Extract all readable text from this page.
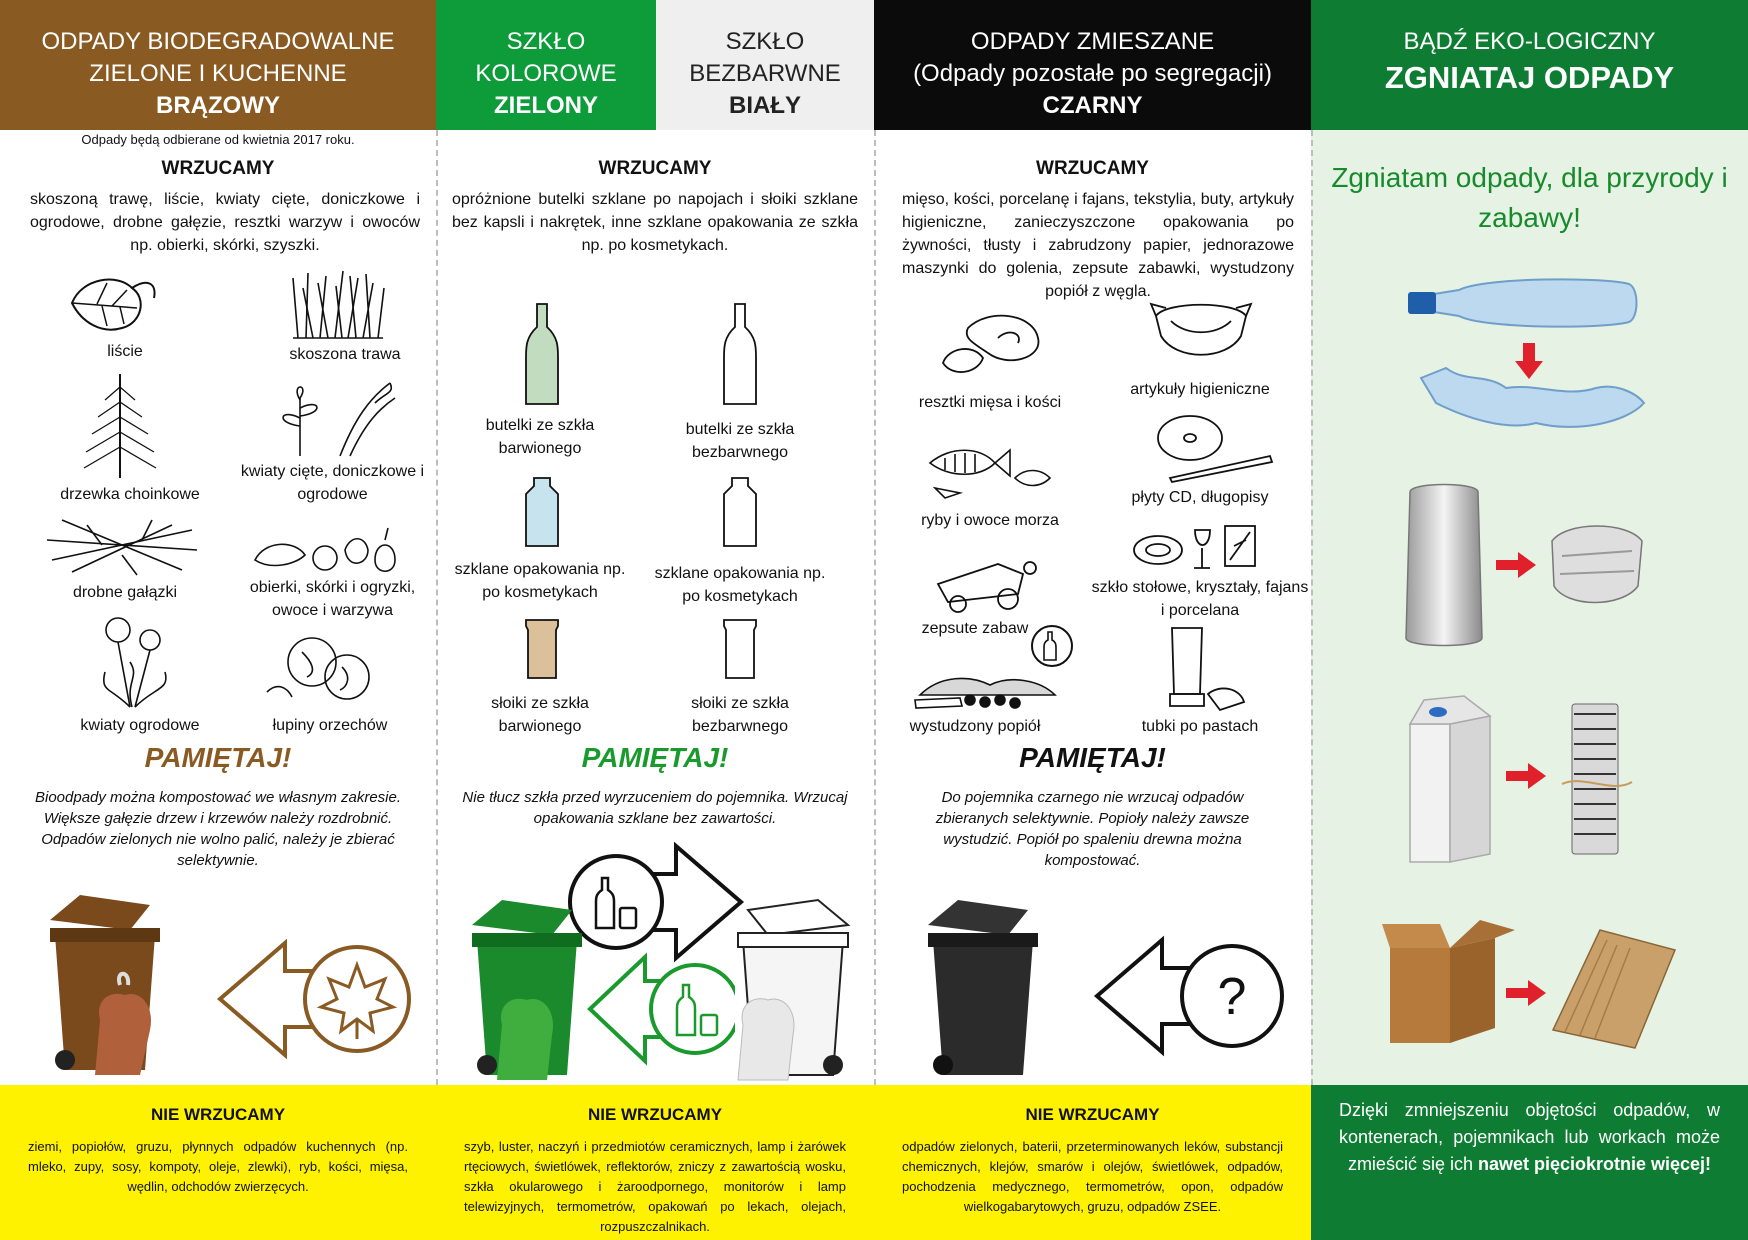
ODPADY BIODEGRADOWALNE
ZIELONE I KUCHENNE
BRĄZOWY
SZKŁO
KOLOROWE
ZIELONY
SZKŁO
BEZBARWNE
BIAŁY
ODPADY ZMIESZANE
(Odpady pozostałe po segregacji)
CZARNY
BĄDŹ EKO-LOGICZNY
ZGNIATAJ ODPADY
Odpady będą odbierane od kwietnia 2017 roku.
WRZUCAMY
skoszoną trawę, liście, kwiaty cięte, doniczkowe i ogrodowe, drobne gałęzie, resztki warzyw i owoców np. obierki, skórki, szyszki.
liście	skoszona trawa
drzewka choinkowe
kwiaty cięte, doniczkowe i ogrodowe
drobne gałązki	obierki, skórki i ogryzki, owoce i warzywa
kwiaty ogrodowe	łupiny orzechów
PAMIĘTAJ!
Bioodpady można kompostować we własnym zakresie. Większe gałęzie drzew i krzewów należy rozdrobnić. Odpadów zielonych nie wolno palić, należy je zbierać selektywnie.
WRZUCAMY
opróżnione butelki szklane po napojach i słoiki szklane bez kapsli i nakrętek, inne szklane opakowania ze szkła np. po kosmetykach.
butelki ze szkła barwionego
butelki ze szkła bezbarwnego
szklane opakowania np. po kosmetykach
szklane opakowania np. po kosmetykach
słoiki ze szkła barwionego
słoiki ze szkła bezbarwnego
PAMIĘTAJ!
Nie tłucz szkła przed wyrzuceniem do pojemnika. Wrzucaj opakowania szklane bez zawartości.
WRZUCAMY
mięso, kości, porcelanę i fajans, tekstylia, buty, artykuły higieniczne, zanieczyszczone opakowania po żywności, tłusty i zabrudzony papier, jednorazowe maszynki do golenia, zepsute zabawki, wystudzony popiół z węgla.
resztki mięsa i kości
artykuły higieniczne
ryby i owoce morza
płyty CD, długopisy
zepsute zabaw
szkło stołowe, kryształy, fajans i porcelana
wystudzony popiół	tubki po pastach
PAMIĘTAJ!
Do pojemnika czarnego nie wrzucaj odpadów zbieranych selektywnie. Popioły należy zawsze wystudzić. Popiół po spaleniu drewna można kompostować.
?
Zgniatam odpady, dla przyrody i zabawy!
NIE WRZUCAMY
ziemi, popiołów, gruzu, płynnych odpadów kuchennych (np. mleko, zupy, sosy, kompoty, oleje, zlewki), ryb, kości, mięsa, wędlin, odchodów zwierzęcych.
NIE WRZUCAMY
szyb, luster, naczyń i przedmiotów ceramicznych, lamp i żarówek rtęciowych, świetlówek, reflektorów, zniczy z zawartością wosku, szkła okularowego i żaroodpornego, monitorów i lamp telewizyjnych, termometrów, opakowań po lekach, olejach, rozpuszczalnikach.
NIE WRZUCAMY
odpadów zielonych, baterii, przeterminowanych leków, substancji chemicznych, klejów, smarów i olejów, świetlówek, odpadów, pochodzenia medycznego, termometrów, opon, odpadów wielkogabarytowych, gruzu, odpadów ZSEE.
Dzięki zmniejszeniu objętości odpadów, w kontenerach, pojemnikach lub workach może zmieścić się ich nawet pięciokrotnie więcej!
